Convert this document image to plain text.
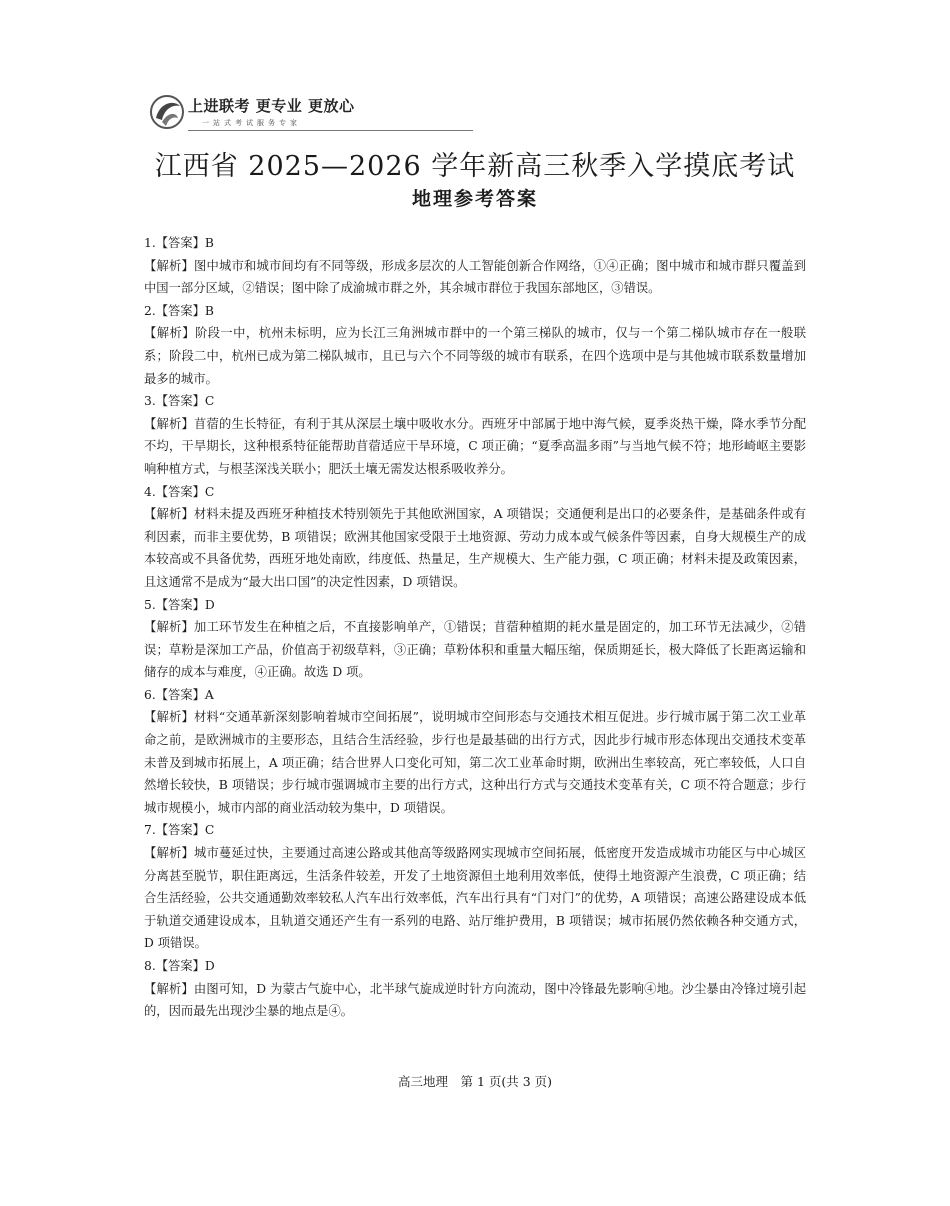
上进联考 更专业 更放心
一站式考试服务专家
江西省 2025—2026 学年新高三秋季入学摸底考试
地理参考答案

1.【答案】B

【解析】图中城市和城市间均有不同等级，形成多层次的人工智能创新合作网络，①④正确；图中城市和城市群只覆盖到中国一部分区域，②错误；图中除了成渝城市群之外，其余城市群位于我国东部地区，③错误。

2.【答案】B

【解析】阶段一中，杭州未标明，应为长江三角洲城市群中的一个第三梯队的城市，仅与一个第二梯队城市存在一般联系；阶段二中，杭州已成为第二梯队城市，且已与六个不同等级的城市有联系，在四个选项中是与其他城市联系数量增加最多的城市。

3.【答案】C

【解析】苜蓿的生长特征，有利于其从深层土壤中吸收水分。西班牙中部属于地中海气候，夏季炎热干燥，降水季节分配不均，干旱期长，这种根系特征能帮助苜蓿适应干旱环境，C 项正确；“夏季高温多雨”与当地气候不符；地形崎岖主要影响种植方式，与根茎深浅关联小；肥沃土壤无需发达根系吸收养分。

4.【答案】C

【解析】材料未提及西班牙种植技术特别领先于其他欧洲国家，A 项错误；交通便利是出口的必要条件，是基础条件或有利因素，而非主要优势，B 项错误；欧洲其他国家受限于土地资源、劳动力成本或气候条件等因素，自身大规模生产的成本较高或不具备优势，西班牙地处南欧，纬度低、热量足，生产规模大、生产能力强，C 项正确；材料未提及政策因素，且这通常不是成为“最大出口国”的决定性因素，D 项错误。

5.【答案】D

【解析】加工环节发生在种植之后，不直接影响单产，①错误；苜蓿种植期的耗水量是固定的，加工环节无法减少，②错误；草粉是深加工产品，价值高于初级草料，③正确；草粉体积和重量大幅压缩，保质期延长，极大降低了长距离运输和储存的成本与难度，④正确。故选 D 项。

6.【答案】A

【解析】材料“交通革新深刻影响着城市空间拓展”，说明城市空间形态与交通技术相互促进。步行城市属于第二次工业革命之前，是欧洲城市的主要形态，且结合生活经验，步行也是最基础的出行方式，因此步行城市形态体现出交通技术变革未普及到城市拓展上，A 项正确；结合世界人口变化可知，第二次工业革命时期，欧洲出生率较高，死亡率较低，人口自然增长较快，B 项错误；步行城市强调城市主要的出行方式，这种出行方式与交通技术变革有关，C 项不符合题意；步行城市规模小，城市内部的商业活动较为集中，D 项错误。

7.【答案】C

【解析】城市蔓延过快，主要通过高速公路或其他高等级路网实现城市空间拓展，低密度开发造成城市功能区与中心城区分离甚至脱节，职住距离远，生活条件较差，开发了土地资源但土地利用效率低，使得土地资源产生浪费，C 项正确；结合生活经验，公共交通通勤效率较私人汽车出行效率低，汽车出行具有“门对门”的优势，A 项错误；高速公路建设成本低于轨道交通建设成本，且轨道交通还产生有一系列的电路、站厅维护费用，B 项错误；城市拓展仍然依赖各种交通方式，D 项错误。

8.【答案】D

【解析】由图可知，D 为蒙古气旋中心，北半球气旋成逆时针方向流动，图中冷锋最先影响④地。沙尘暴由冷锋过境引起的，因而最先出现沙尘暴的地点是④。

高三地理　第 1 页(共 3 页)
